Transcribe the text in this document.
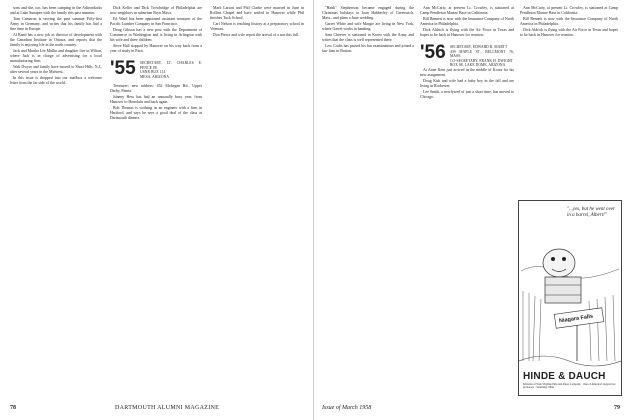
sons and she, too, has been camping in the Adirondacks and at Lake Sunapee with the family this past summer.

Tom Cameron is serving the past summer Fifty-first Army in Germany, and writes that his family has had a fine time in Europe.

Al Rand has a new job as director of development with the Canadian Institute in Ottawa, and reports that the family is enjoying life in the north country.

Jack and Martha Lee Mullin and daughter live in Wilton, where Jack is in charge of advertising for a local manufacturing firm.

Walt Dwyer and family have moved to Short Hills, N.J., after several years in the Midwest.

In this issue is dropped into our mailbox a welcome letter from the far side of the world.

Dick Keller and Dick Trowbridge of Philadelphia are now neighbors in suburban Bryn Mawr.

Ed Ward has been appointed assistant treasurer of the Pacific Lumber Company in San Francisco.

Doug Gibson has a new post with the Department of Commerce in Washington and is living in Arlington with his wife and three children.

Steve Hall stopped by Hanover on his way back from a year of study in Paris.

'55 SECRETARY, LT. CHARLES E. PENCE JR.
USNR BOX 114
MESA, ARIZONA

Treasurer; new address: 452 Mohegan Rd., Upper Darby, Penna.

Johnny Hess has had an unusually busy year, from Hanover to Honolulu and back again.

Bob Thomas is working as an engineer with a firm in Hartford, and says he sees a good deal of the class at Dartmouth dinners.

Mark Larson and Phil Clarke were married in June in Rollins Chapel and have settled in Hanover while Phil finishes Tuck School.

Carl Nelson is teaching history at a preparatory school in Vermont.

Don Pierce and wife report the arrival of a son this fall.

78	DARTMOUTH ALUMNI MAGAZINE

"Hank" Stephenson became engaged during the Christmas holidays to Joan Habberley of Greenwich, Mass., and plans a June wedding.

Garret White and wife Margie are living in New York, where Garret works in banking.

Sam Cheever is stationed in Korea with the Army and writes that the class is well represented there.

Lew Crafts has passed his bar examinations and joined a law firm in Boston.

Ann McCarty, at present Lt. Crowley, is stationed at Camp Pendleton Marine Base in California.

Bill Bennett is now with the Insurance Company of North America in Philadelphia.

Dick Aldrich is flying with the Air Force in Texas and hopes to be back in Hanover for reunion.

'56 SECRETARY, EDWARD R. MARTT
439 MAPLE ST., BELLMONT 76, MASS.
CO-SECRETARY, FRANK H. DWIGHT
BOX 98, LAKE DOME, ARIZONA

At Anne Kent just arrived in the middle of Korea for his new assignment.

Doug Kirk and wife had a baby boy in the fall and are living in Rochester.

Lee Smith, a newlywed of just a short time, has moved to Chicago.

Ann McCarty, at present Lt. Crowley, is stationed at Camp Pendleton Marine Base in California.

Bill Bennett is now with the Insurance Company of North America in Philadelphia.

Dick Aldrich is flying with the Air Force in Texas and hopes to be back in Hanover for reunion.

"...yes, but he went over in a barrel, Albert!"
Niagara Falls
HINDE & DAUCH
Division of West Virginia Pulp and Paper Company · One of America's largest box producers · Sandusky, Ohio
Issue of March 1958	79
